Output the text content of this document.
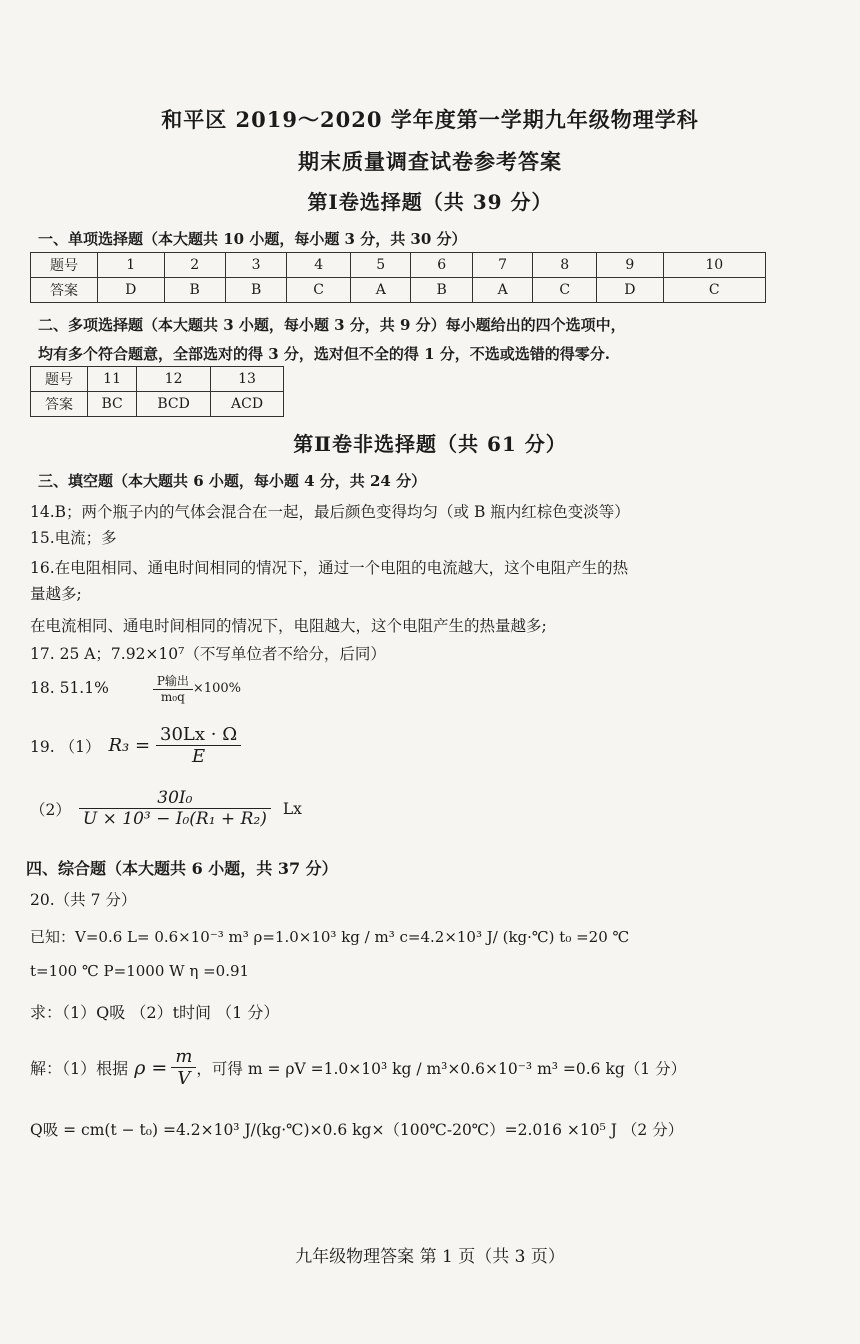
和平区 2019～2020 学年度第一学期九年级物理学科
期末质量调查试卷参考答案
第Ⅰ卷选择题（共 39 分）
一、单项选择题（本大题共 10 小题，每小题 3 分，共 30 分）
题号	1	2	3	4	5	6	7	8	9	10
答案	D	B	B	C	A	B	A	C	D	C
二、多项选择题（本大题共 3 小题，每小题 3 分，共 9 分）每小题给出的四个选项中，
均有多个符合题意，全部选对的得 3 分，选对但不全的得 1 分，不选或选错的得零分.
题号	11	12	13
答案	BC	BCD	ACD
第Ⅱ卷非选择题（共 61 分）
三、填空题（本大题共 6 小题，每小题 4 分，共 24 分）
14.B；两个瓶子内的气体会混合在一起，最后颜色变得均匀（或 B 瓶内红棕色变淡等）
15.电流；多
16.在电阻相同、通电时间相同的情况下，通过一个电阻的电流越大，这个电阻产生的热
量越多;
在电流相同、通电时间相同的情况下，电阻越大，这个电阻产生的热量越多;
17. 25 A；7.92×10⁷（不写单位者不给分，后同）
18. 51.1%	$\frac{\text{P输出}}{\text{m₀q}} \times 100\%$
19. （1） $R_3 = \frac{30Lx \cdot \Omega}{E}$
$(2) \frac{\text{30I₀}}{\text{U × 10³ − I₀(R₁ + R₂)}}$ Lx
四、综合题（本大题共 6 小题，共 37 分）
20.（共 7 分）
已知：V=0.6 L= 0.6×10⁻³ m³ ρ=1.0×10³ kg / m³ c=4.2×10³ J/ (kg·℃) t₀ =20 ℃
t=100 ℃ P=1000 W η =0.91
求：（1）Q吸 （2）t时间 （1 分）
解：（1）根据 $\rho = \frac{m}{V}$ ，可得 m = ρV =1.0×10³ kg / m³×0.6×10⁻³ m³ =0.6 kg（1 分）
Q吸 = cm(t − t₀) =4.2×10³ J/(kg·℃)×0.6 kg×（100℃-20℃）=2.016 ×10⁵ J （2 分）
九年级物理答案 第 1 页（共 3 页）
